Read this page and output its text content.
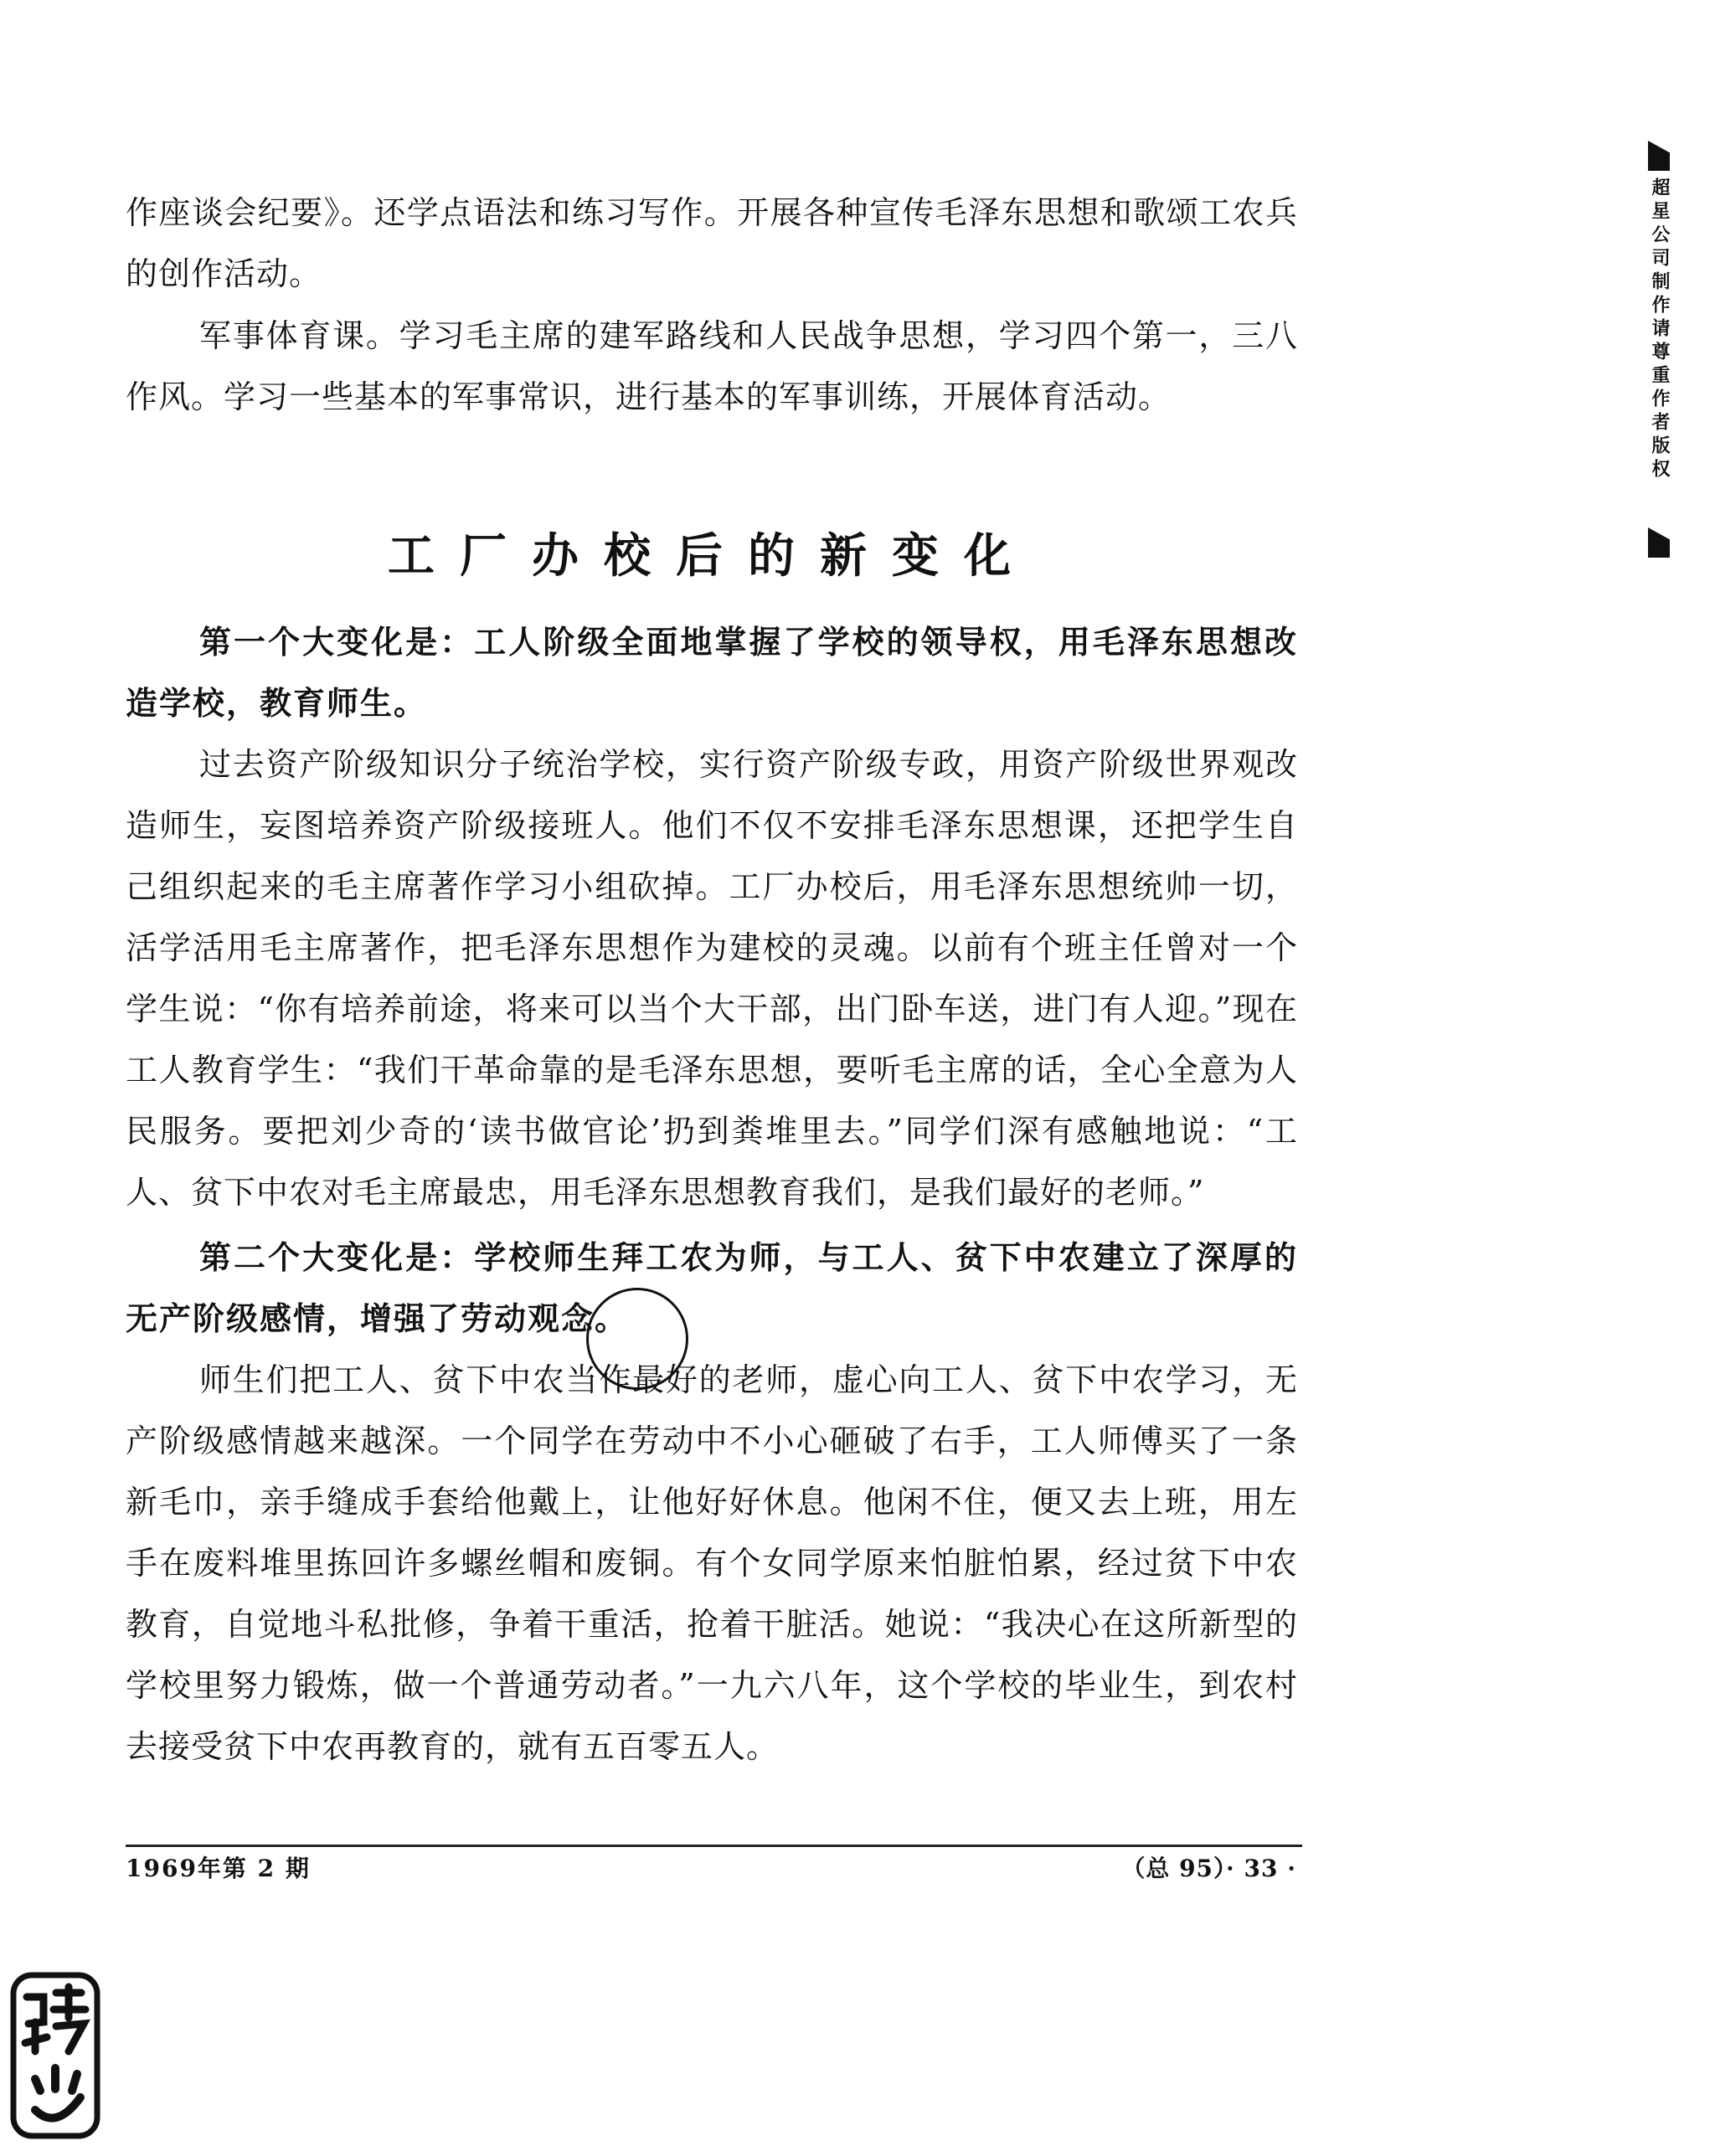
作座谈会纪要》。还学点语法和练习写作。开展各种宣传毛泽东思想和歌颂工农兵的创作活动。

军事体育课。学习毛主席的建军路线和人民战争思想，学习四个第一，三八作风。学习一些基本的军事常识，进行基本的军事训练，开展体育活动。

工厂办校后的新变化

第一个大变化是：工人阶级全面地掌握了学校的领导权，用毛泽东思想改造学校，教育师生。

过去资产阶级知识分子统治学校，实行资产阶级专政，用资产阶级世界观改造师生，妄图培养资产阶级接班人。他们不仅不安排毛泽东思想课，还把学生自己组织起来的毛主席著作学习小组砍掉。工厂办校后，用毛泽东思想统帅一切，活学活用毛主席著作，把毛泽东思想作为建校的灵魂。以前有个班主任曾对一个学生说：“你有培养前途，将来可以当个大干部，出门卧车送，进门有人迎。”现在工人教育学生：“我们干革命靠的是毛泽东思想，要听毛主席的话，全心全意为人民服务。要把刘少奇的‘读书做官论’扔到粪堆里去。”同学们深有感触地说：“工人、贫下中农对毛主席最忠，用毛泽东思想教育我们，是我们最好的老师。”

第二个大变化是：学校师生拜工农为师，与工人、贫下中农建立了深厚的无产阶级感情，增强了劳动观念。

师生们把工人、贫下中农当作最好的老师，虚心向工人、贫下中农学习，无产阶级感情越来越深。一个同学在劳动中不小心砸破了右手，工人师傅买了一条新毛巾，亲手缝成手套给他戴上，让他好好休息。他闲不住，便又去上班，用左手在废料堆里拣回许多螺丝帽和废铜。有个女同学原来怕脏怕累，经过贫下中农教育，自觉地斗私批修，争着干重活，抢着干脏活。她说：“我决心在这所新型的学校里努力锻炼，做一个普通劳动者。”一九六八年，这个学校的毕业生，到农村去接受贫下中农再教育的，就有五百零五人。

1969年第 2 期	（总 95）· 33 ·
超星公司制作请尊重作者版权
